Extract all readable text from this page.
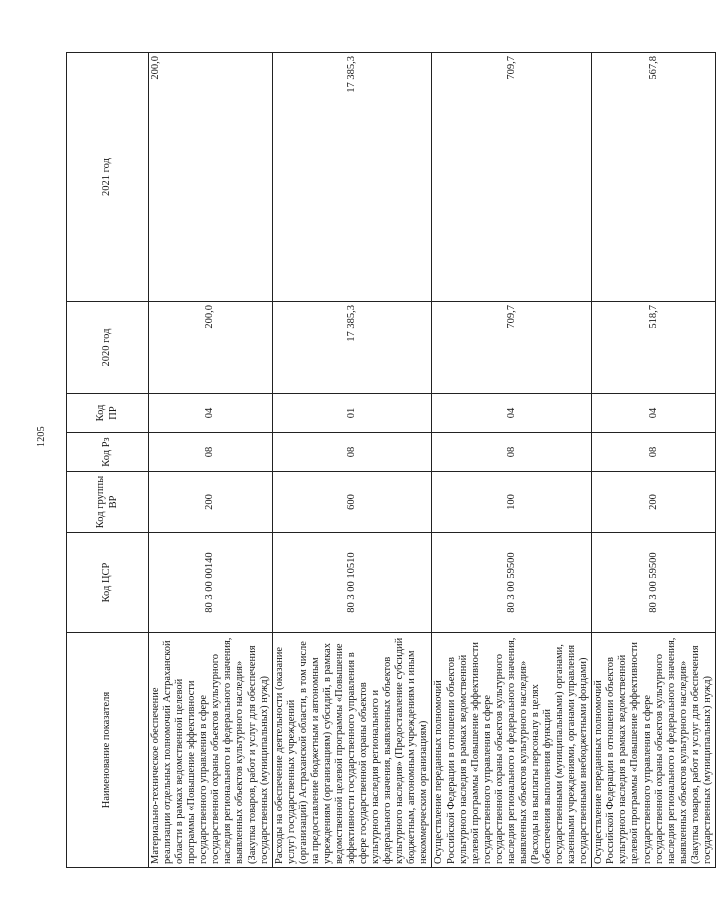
1205
Наименование показателя	Код ЦСР	Код группы ВР	Код Рз	Код ПР	2020 год	2021 год
Материально-техническое обеспечение реализации отдельных полномочий Астраханской области в рамках ведомственной целевой программы «Повышение эффективности государственного управления в сфере государственной охраны объектов культурного наследия регионального и федерального значения, выявленных объектов культурного наследия» (Закупка товаров, работ и услуг для обеспечения государственных (муниципальных) нужд)	80 3 00 00140	200	08	04	200,0	200,0
Расходы на обеспечение деятельности (оказание услуг) государственных учреждений (организаций) Астраханской области, в том числе на предоставление бюджетным и автономным учреждениям (организациям) субсидий, в рамках ведомственной целевой программы «Повышение эффективности государственного управления в сфере государственной охраны объектов культурного наследия регионального и федерального значения, выявленных объектов культурного наследия» (Предоставление субсидий бюджетным, автономным учреждениям и иным некоммерческим организациям)	80 3 00 10510	600	08	01	17 385,3	17 385,3
Осуществление переданных полномочий Российской Федерации в отношении объектов культурного наследия в рамках ведомственной целевой программы «Повышение эффективности государственного управления в сфере государственной охраны объектов культурного наследия регионального и федерального значения, выявленных объектов культурного наследия» (Расходы на выплаты персоналу в целях обеспечения выполнения функций государственными (муниципальными) органами, казенными учреждениями, органами управления государственными внебюджетными фондами)	80 3 00 59500	100	08	04	709,7	709,7
Осуществление переданных полномочий Российской Федерации в отношении объектов культурного наследия в рамках ведомственной целевой программы «Повышение эффективности государственного управления в сфере государственной охраны объектов культурного наследия регионального и федерального значения, выявленных объектов культурного наследия» (Закупка товаров, работ и услуг для обеспечения государственных (муниципальных) нужд)	80 3 00 59500	200	08	04	518,7	567,8
